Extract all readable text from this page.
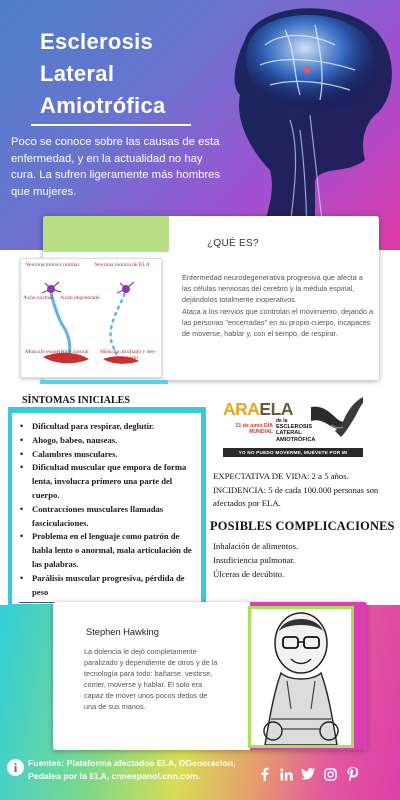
Esclerosis
Lateral
Amiotrófica
Poco se conoce sobre las causas de esta enfermedad, y en la actualidad no hay cura. La sufren ligeramente más hombres que mujeres.
¿QUÉ ES?

Enfermedad neurodegenerativa progresiva que afecta a las células nerviosas del cerebro y la médula espinal, dejándolos totalmente inoperativos.

Ataca a los nervios que controlan el movimiento, dejando a las personas "encerradas" en su propio cuerpo, incapaces de moverse, hablar y, con el tiempo, de respirar.

Neurona motora normal	Neurona motora de ELA
Axón normal Axón degenerado
Músculo esquelético normal	Músculo atrofiado y des-inervado
SÍNTOMAS INICIALES
• Dificultad para respirar, deglutir.
• Ahogo, babeo, nauseas.
• Calambres musculares.
• Dificultad muscular que empora de forma lenta, involucra primero una parte del cuerpo.
• Contracciones musculares llamadas fasciculaciones.
• Problema en el lenguaje como patrón de habla lento o anormal, mala articulación de las palabras.
• Parálisis muscular progresiva, pérdida de peso
ARAELA
21 de junio DÍA MUNDIAL
de la
ESCLEROSIS LATERAL AMIOTRÓFICA
YO NO PUEDO MOVERME, MUÉVETE POR MI
EXPECTATIVA DE VIDA: 2 a 5 años.
INCIDENCIA: 5 de cada 100.000 personas son afectados por ELA.
POSIBLES COMPLICACIONES
Inhalación de alimentos.
Insuficiencia pulmonar.
Úlceras de decúbito.
Stephen Hawking
La dolencia le dejó completamente paralizado y dependiente de otros y de la tecnología para todo: bañarse, vestirse, comer, moverse y hablar. El solo era capaz de mover unos pocos dedos de una de sus manos.
i	Fuentes: Plataforma afectados ELA, DGeneracion, Pedalea por la ELA, cnnespanol.cnn.com.
